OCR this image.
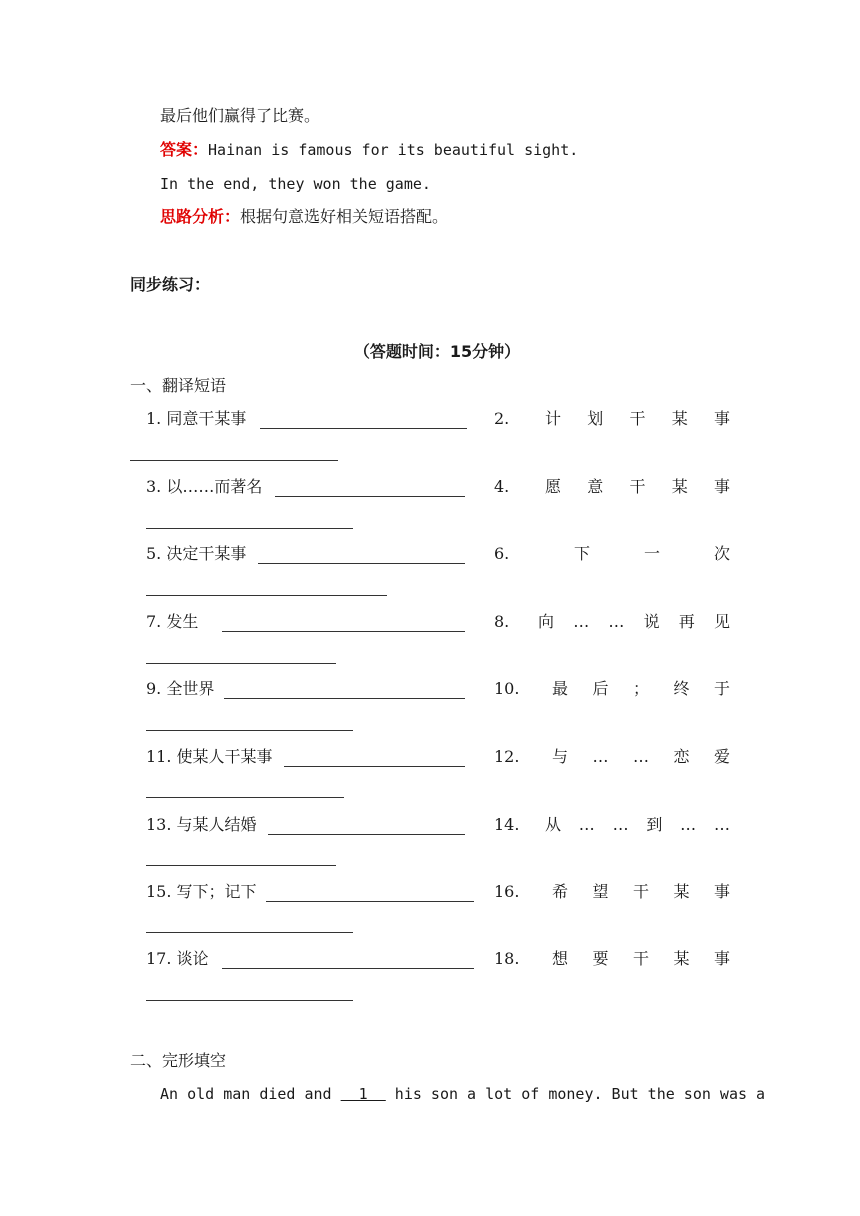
最后他们赢得了比赛。
答案：Hainan is famous for its beautiful sight.
In the end, they won the game.
思路分析：根据句意选好相关短语搭配。
同步练习：
（答题时间：15分钟）
一、翻译短语
1. 同意干某事	2. 计 划 干 某 事
3. 以……而著名	4. 愿 意 干 某 事
5. 决定干某事	6.	下	一	次
7. 发生	8. 向 … … 说 再 见
9. 全世界	10. 最 后 ； 终 于
11. 使某人干某事	12. 与 … … 恋 爱
13. 与某人结婚	14. 从 … … 到 … …
15. 写下；记下	16. 希 望 干 某 事
17. 谈论	18. 想 要 干 某 事
二、完形填空
An old man died and   1   his son a lot of money. But the son was a
